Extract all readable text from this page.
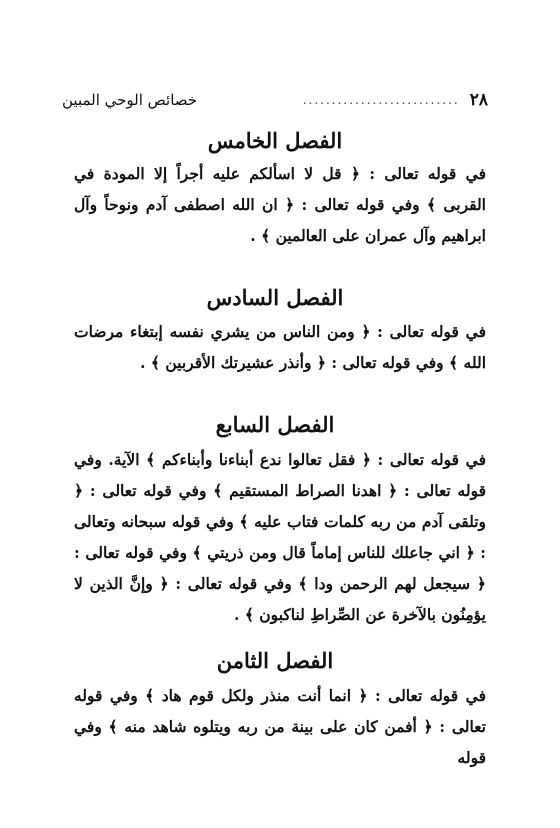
٢٨
...........................
خصائص الوحي المبين
الفصل الخامس

في قوله تعالى : ﴿ قل لا اسألكم عليه أجراً إلا المودة في القربى ﴾ وفي قوله تعالى : ﴿ ان الله اصطفى آدم ونوحاً وآل ابراهيم وآل عمران على العالمين ﴾ .

الفصل السادس

في قوله تعالى : ﴿ ومن الناس من يشري نفسه إبتغاء مرضات الله ﴾ وفي قوله تعالى : ﴿ وأنذر عشيرتك الأقربين ﴾ .

الفصل السابع

في قوله تعالى : ﴿ فقل تعالوا ندع أبناءنا وأبناءكم ﴾ الآية. وفي قوله تعالى : ﴿ اهدنا الصراط المستقيم ﴾ وفي قوله تعالى : ﴿ وتلقى آدم من ربه كلمات فتاب عليه ﴾ وفي قوله سبحانه وتعالى : ﴿ اني جاعلك للناس إماماً قال ومن ذريتي ﴾ وفي قوله تعالى : ﴿ سيجعل لهم الرحمن ودا ﴾ وفي قوله تعالى : ﴿ وإنَّ الذين لا يؤمِنُون بالآخرة عن الصِّراطِ لناكبون ﴾ .

الفصل الثامن

في قوله تعالى : ﴿ انما أنت منذر ولكل قوم هاد ﴾ وفي قوله تعالى : ﴿ أفمن كان على بينة من ربه ويتلوه شاهد منه ﴾ وفي قوله
